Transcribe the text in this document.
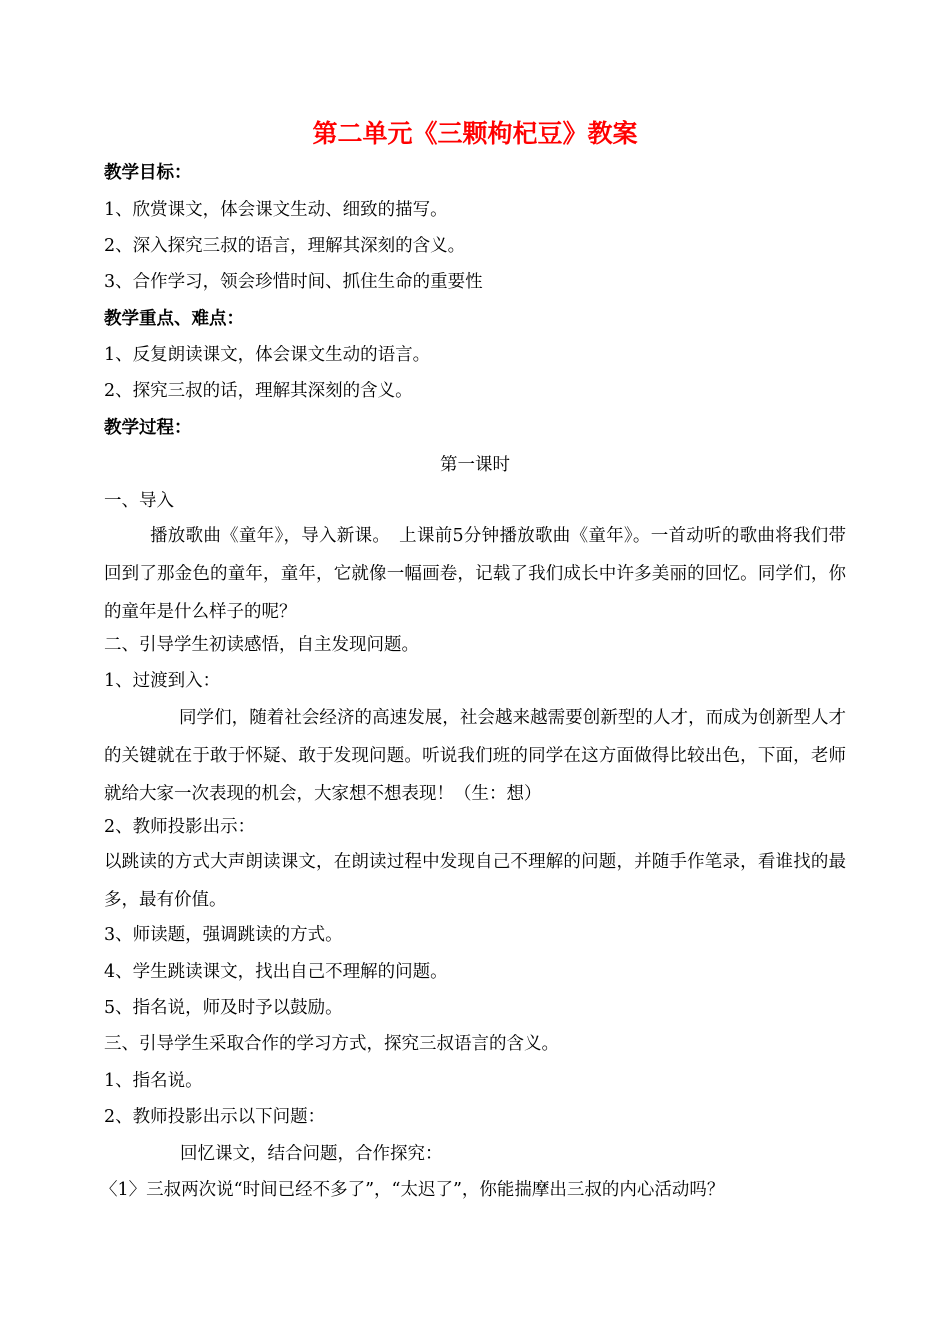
第二单元《三颗枸杞豆》教案
教学目标：
1、欣赏课文，体会课文生动、细致的描写。
2、深入探究三叔的语言，理解其深刻的含义。
3、合作学习，领会珍惜时间、抓住生命的重要性
教学重点、难点：
1、反复朗读课文，体会课文生动的语言。
2、探究三叔的话，理解其深刻的含义。
教学过程：
第一课时
一、导入
播放歌曲《童年》，导入新课。　上课前5分钟播放歌曲《童年》。一首动听的歌曲将我们带回到了那金色的童年，童年，它就像一幅画卷，记载了我们成长中许多美丽的回忆。同学们，你的童年是什么样子的呢？
二、引导学生初读感悟，自主发现问题。
1、过渡到入：
同学们，随着社会经济的高速发展，社会越来越需要创新型的人才，而成为创新型人才的关键就在于敢于怀疑、敢于发现问题。听说我们班的同学在这方面做得比较出色，下面，老师就给大家一次表现的机会，大家想不想表现！（生：想）
2、教师投影出示：
以跳读的方式大声朗读课文，在朗读过程中发现自己不理解的问题，并随手作笔录，看谁找的最多，最有价值。
3、师读题，强调跳读的方式。
4、学生跳读课文，找出自己不理解的问题。
5、指名说，师及时予以鼓励。
三、引导学生采取合作的学习方式，探究三叔语言的含义。
1、指名说。
2、教师投影出示以下问题：
回忆课文，结合问题，合作探究：
〈1〉三叔两次说“时间已经不多了”，“太迟了”，你能揣摩出三叔的内心活动吗？
